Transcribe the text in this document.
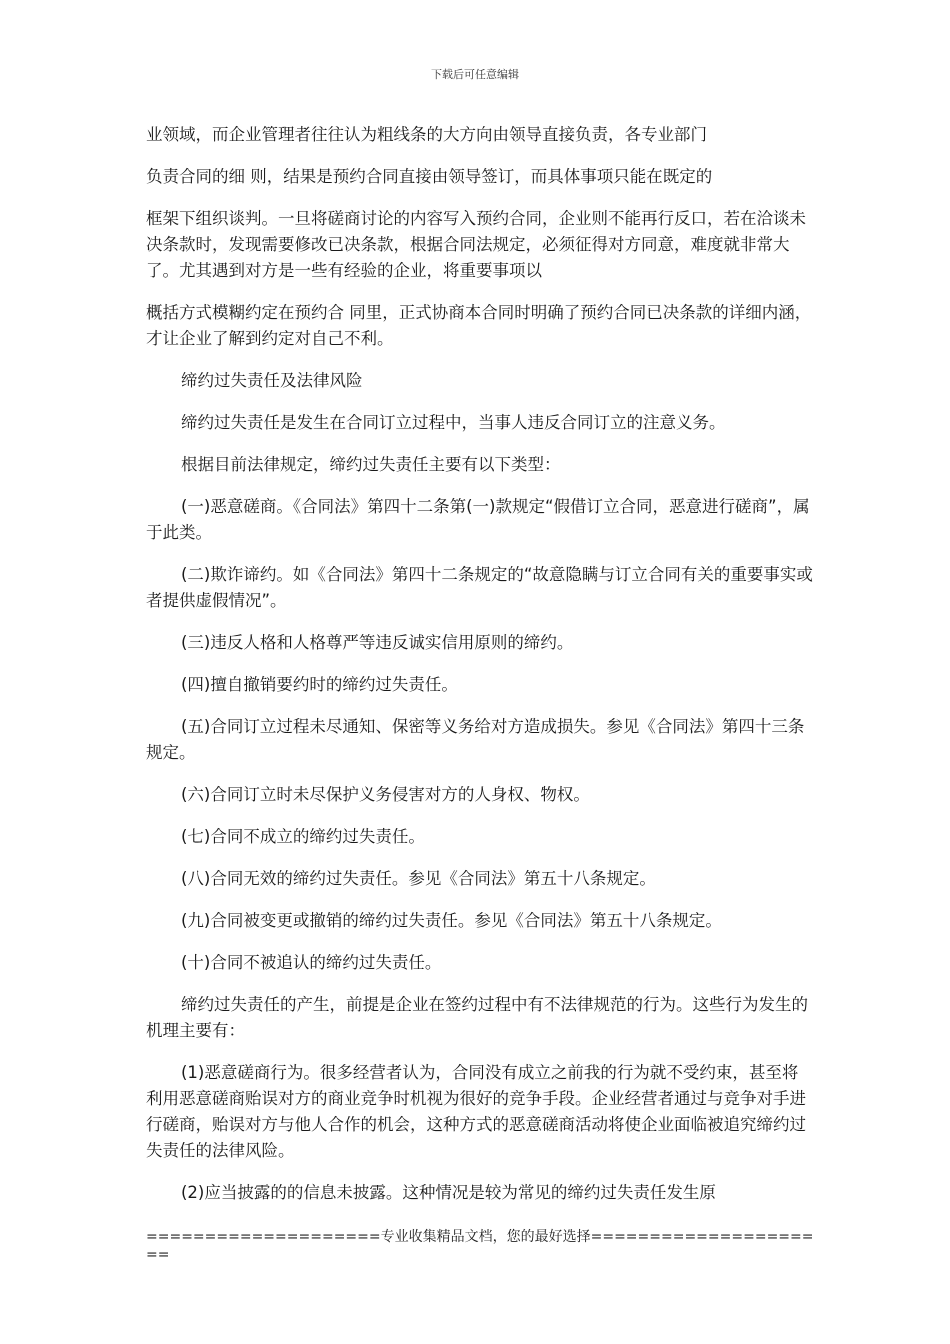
下载后可任意编辑

业领域，而企业管理者往往认为粗线条的大方向由领导直接负责，各专业部门

负责合同的细 则，结果是预约合同直接由领导签订，而具体事项只能在既定的

框架下组织谈判。一旦将磋商讨论的内容写入预约合同，企业则不能再行反口，若在洽谈未决条款时，发现需要修改已决条款，根据合同法规定，必须征得对方同意，难度就非常大了。尤其遇到对方是一些有经验的企业，将重要事项以

概括方式模糊约定在预约合 同里，正式协商本合同时明确了预约合同已决条款的详细内涵，才让企业了解到约定对自己不利。

缔约过失责任及法律风险

缔约过失责任是发生在合同订立过程中，当事人违反合同订立的注意义务。

根据目前法律规定，缔约过失责任主要有以下类型：

(一)恶意磋商。《合同法》第四十二条第(一)款规定“假借订立合同，恶意进行磋商”，属于此类。

(二)欺诈谛约。如《合同法》第四十二条规定的“故意隐瞒与订立合同有关的重要事实或者提供虚假情况”。

(三)违反人格和人格尊严等违反诚实信用原则的缔约。

(四)擅自撤销要约时的缔约过失责任。

(五)合同订立过程未尽通知、保密等义务给对方造成损失。参见《合同法》第四十三条规定。

(六)合同订立时未尽保护义务侵害对方的人身权、物权。

(七)合同不成立的缔约过失责任。

(八)合同无效的缔约过失责任。参见《合同法》第五十八条规定。

(九)合同被变更或撤销的缔约过失责任。参见《合同法》第五十八条规定。

(十)合同不被追认的缔约过失责任。

缔约过失责任的产生，前提是企业在签约过程中有不法律规范的行为。这些行为发生的机理主要有：

(1)恶意磋商行为。很多经营者认为，合同没有成立之前我的行为就不受约束，甚至将利用恶意磋商贻误对方的商业竞争时机视为很好的竞争手段。企业经营者通过与竞争对手进行磋商，贻误对方与他人合作的机会，这种方式的恶意磋商活动将使企业面临被追究缔约过失责任的法律风险。

(2)应当披露的的信息未披露。这种情况是较为常见的缔约过失责任发生原

====================专业收集精品文档，您的最好选择=====================
